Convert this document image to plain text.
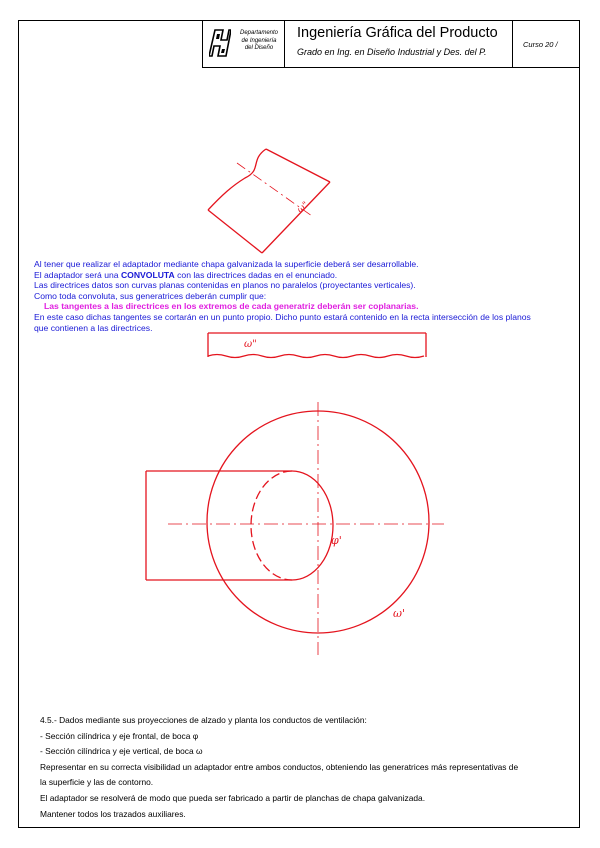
Departamento
de Ingeniería
del Diseño
Ingeniería Gráfica del Producto
Grado en Ing. en Diseño Industrial y Des. del P.
Curso 20 /
ω"
ω"
φ'
ω'
Al tener que realizar el adaptador mediante chapa galvanizada la superficie deberá ser desarrollable.
El adaptador será una CONVOLUTA con las directrices dadas en el enunciado.
Las directrices datos son curvas planas contenidas en planos no paralelos (proyectantes verticales).
Como toda convoluta, sus generatrices deberán cumplir que:
Las tangentes a las directrices en los extremos de cada generatriz deberán ser coplanarias.
En este caso dichas tangentes se cortarán en un punto propio. Dicho punto estará contenido en la recta intersección de los planos
que contienen a las directrices.
4.5.- Dados mediante sus proyecciones de alzado y planta los conductos de ventilación:
- Sección cilíndrica y eje frontal, de boca φ
- Sección cilíndrica y eje vertical, de boca ω
Representar en su correcta visibilidad un adaptador entre ambos conductos, obteniendo las generatrices más representativas de
la superficie y las de contorno.
El adaptador se resolverá de modo que pueda ser fabricado a partir de planchas de chapa galvanizada.
Mantener todos los trazados auxiliares.
